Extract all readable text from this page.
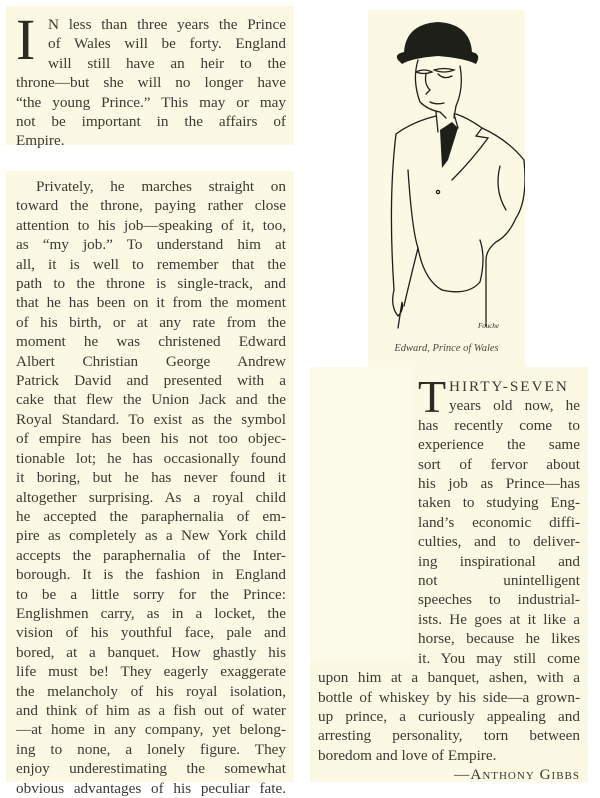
I N less than three years the Prince
of Wales will be forty. England
will still have an heir to the
throne—but she will no longer have
“the young Prince.” This may or may
not be important in the affairs of
Empire.
Privately, he marches straight on
toward the throne, paying rather close
attention to his job—speaking of it, too,
as “my job.” To understand him at
all, it is well to remember that the
path to the throne is single-track, and
that he has been on it from the moment
of his birth, or at any rate from the
moment he was christened Edward
Albert Christian George Andrew
Patrick David and presented with a
cake that flew the Union Jack and the
Royal Standard. To exist as the symbol
of empire has been his not too objec-
tionable lot; he has occasionally found
it boring, but he has never found it
altogether surprising. As a royal child
he accepted the paraphernalia of em-
pire as completely as a New York child
accepts the paraphernalia of the Inter-
borough. It is the fashion in England
to be a little sorry for the Prince:
Englishmen carry, as in a locket, the
vision of his youthful face, pale and
bored, at a banquet. How ghastly his
life must be! They eagerly exaggerate
the melancholy of his royal isolation,
and think of him as a fish out of water
—at home in any company, yet belong-
ing to none, a lonely figure. They
enjoy underestimating the somewhat
obvious advantages of his peculiar fate.
Fouche
Edward, Prince of Wales
T HIRTY-SEVEN
years old now, he
has recently come to
experience the same
sort of fervor about
his job as Prince—has
taken to studying Eng-
land’s economic diffi-
culties, and to deliver-
ing inspirational and
not unintelligent
speeches to industrial-
ists. He goes at it like a
horse, because he likes
it. You may still come
upon him at a banquet, ashen, with a
bottle of whiskey by his side—a grown-
up prince, a curiously appealing and
arresting personality, torn between
boredom and love of Empire.
—Anthony Gibbs
